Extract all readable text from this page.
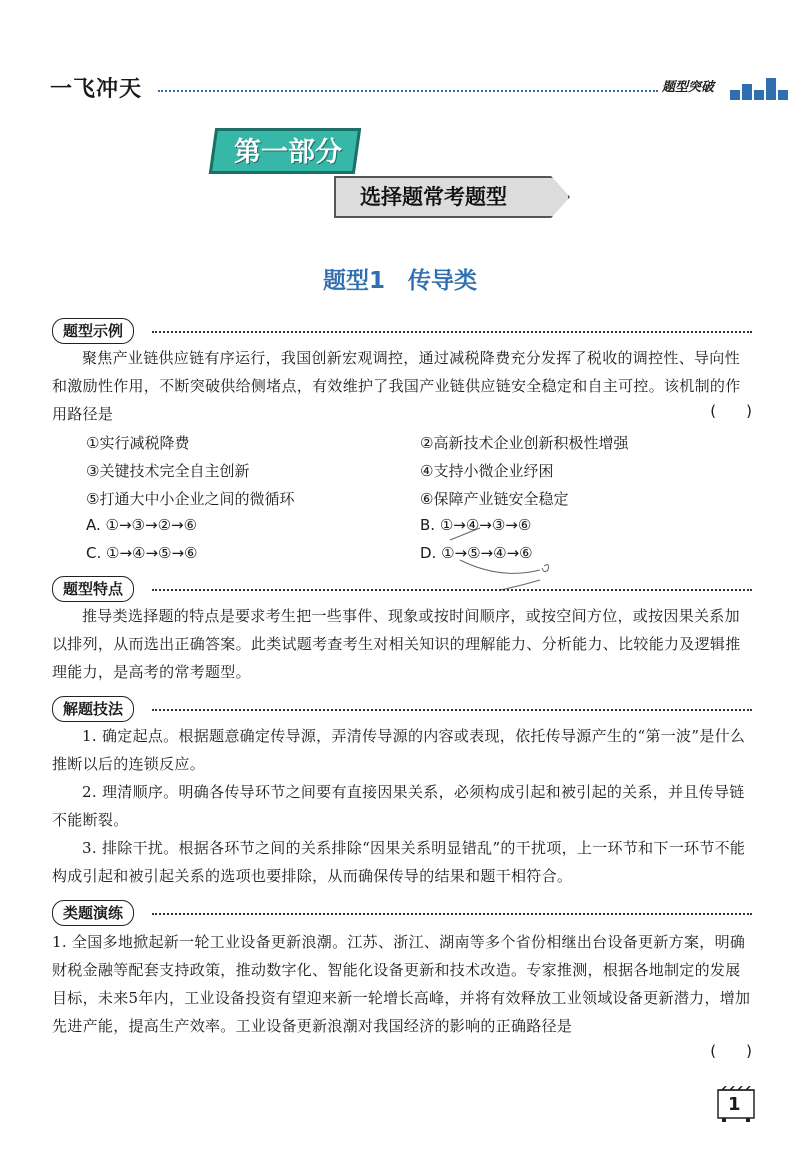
一飞冲天	题型突破
第一部分
选择题常考题型
题型1　传导类
题型示例
聚焦产业链供应链有序运行，我国创新宏观调控，通过减税降费充分发挥了税收的调控性、导向性和激励性作用，不断突破供给侧堵点，有效维护了我国产业链供应链安全稳定和自主可控。该机制的作用路径是	(　　)
①实行减税降费	②高新技术企业创新积极性增强
③关键技术完全自主创新	④支持小微企业纾困
⑤打通大中小企业之间的微循环	⑥保障产业链安全稳定
A. ①→③→②→⑥	B. ①→④→③→⑥
C. ①→④→⑤→⑥	D. ①→⑤→④→⑥
题型特点
推导类选择题的特点是要求考生把一些事件、现象或按时间顺序，或按空间方位，或按因果关系加以排列，从而选出正确答案。此类试题考查考生对相关知识的理解能力、分析能力、比较能力及逻辑推理能力，是高考的常考题型。
解题技法
1. 确定起点。根据题意确定传导源，弄清传导源的内容或表现，依托传导源产生的“第一波”是什么推断以后的连锁反应。
2. 理清顺序。明确各传导环节之间要有直接因果关系，必须构成引起和被引起的关系，并且传导链不能断裂。
3. 排除干扰。根据各环节之间的关系排除“因果关系明显错乱”的干扰项，上一环节和下一环节不能构成引起和被引起关系的选项也要排除，从而确保传导的结果和题干相符合。
类题演练
1. 全国多地掀起新一轮工业设备更新浪潮。江苏、浙江、湖南等多个省份相继出台设备更新方案，明确财税金融等配套支持政策，推动数字化、智能化设备更新和技术改造。专家推测，根据各地制定的发展目标，未来5年内，工业设备投资有望迎来新一轮增长高峰，并将有效释放工业领域设备更新潜力，增加先进产能，提高生产效率。工业设备更新浪潮对我国经济的影响的正确路径是
(　　)
1
